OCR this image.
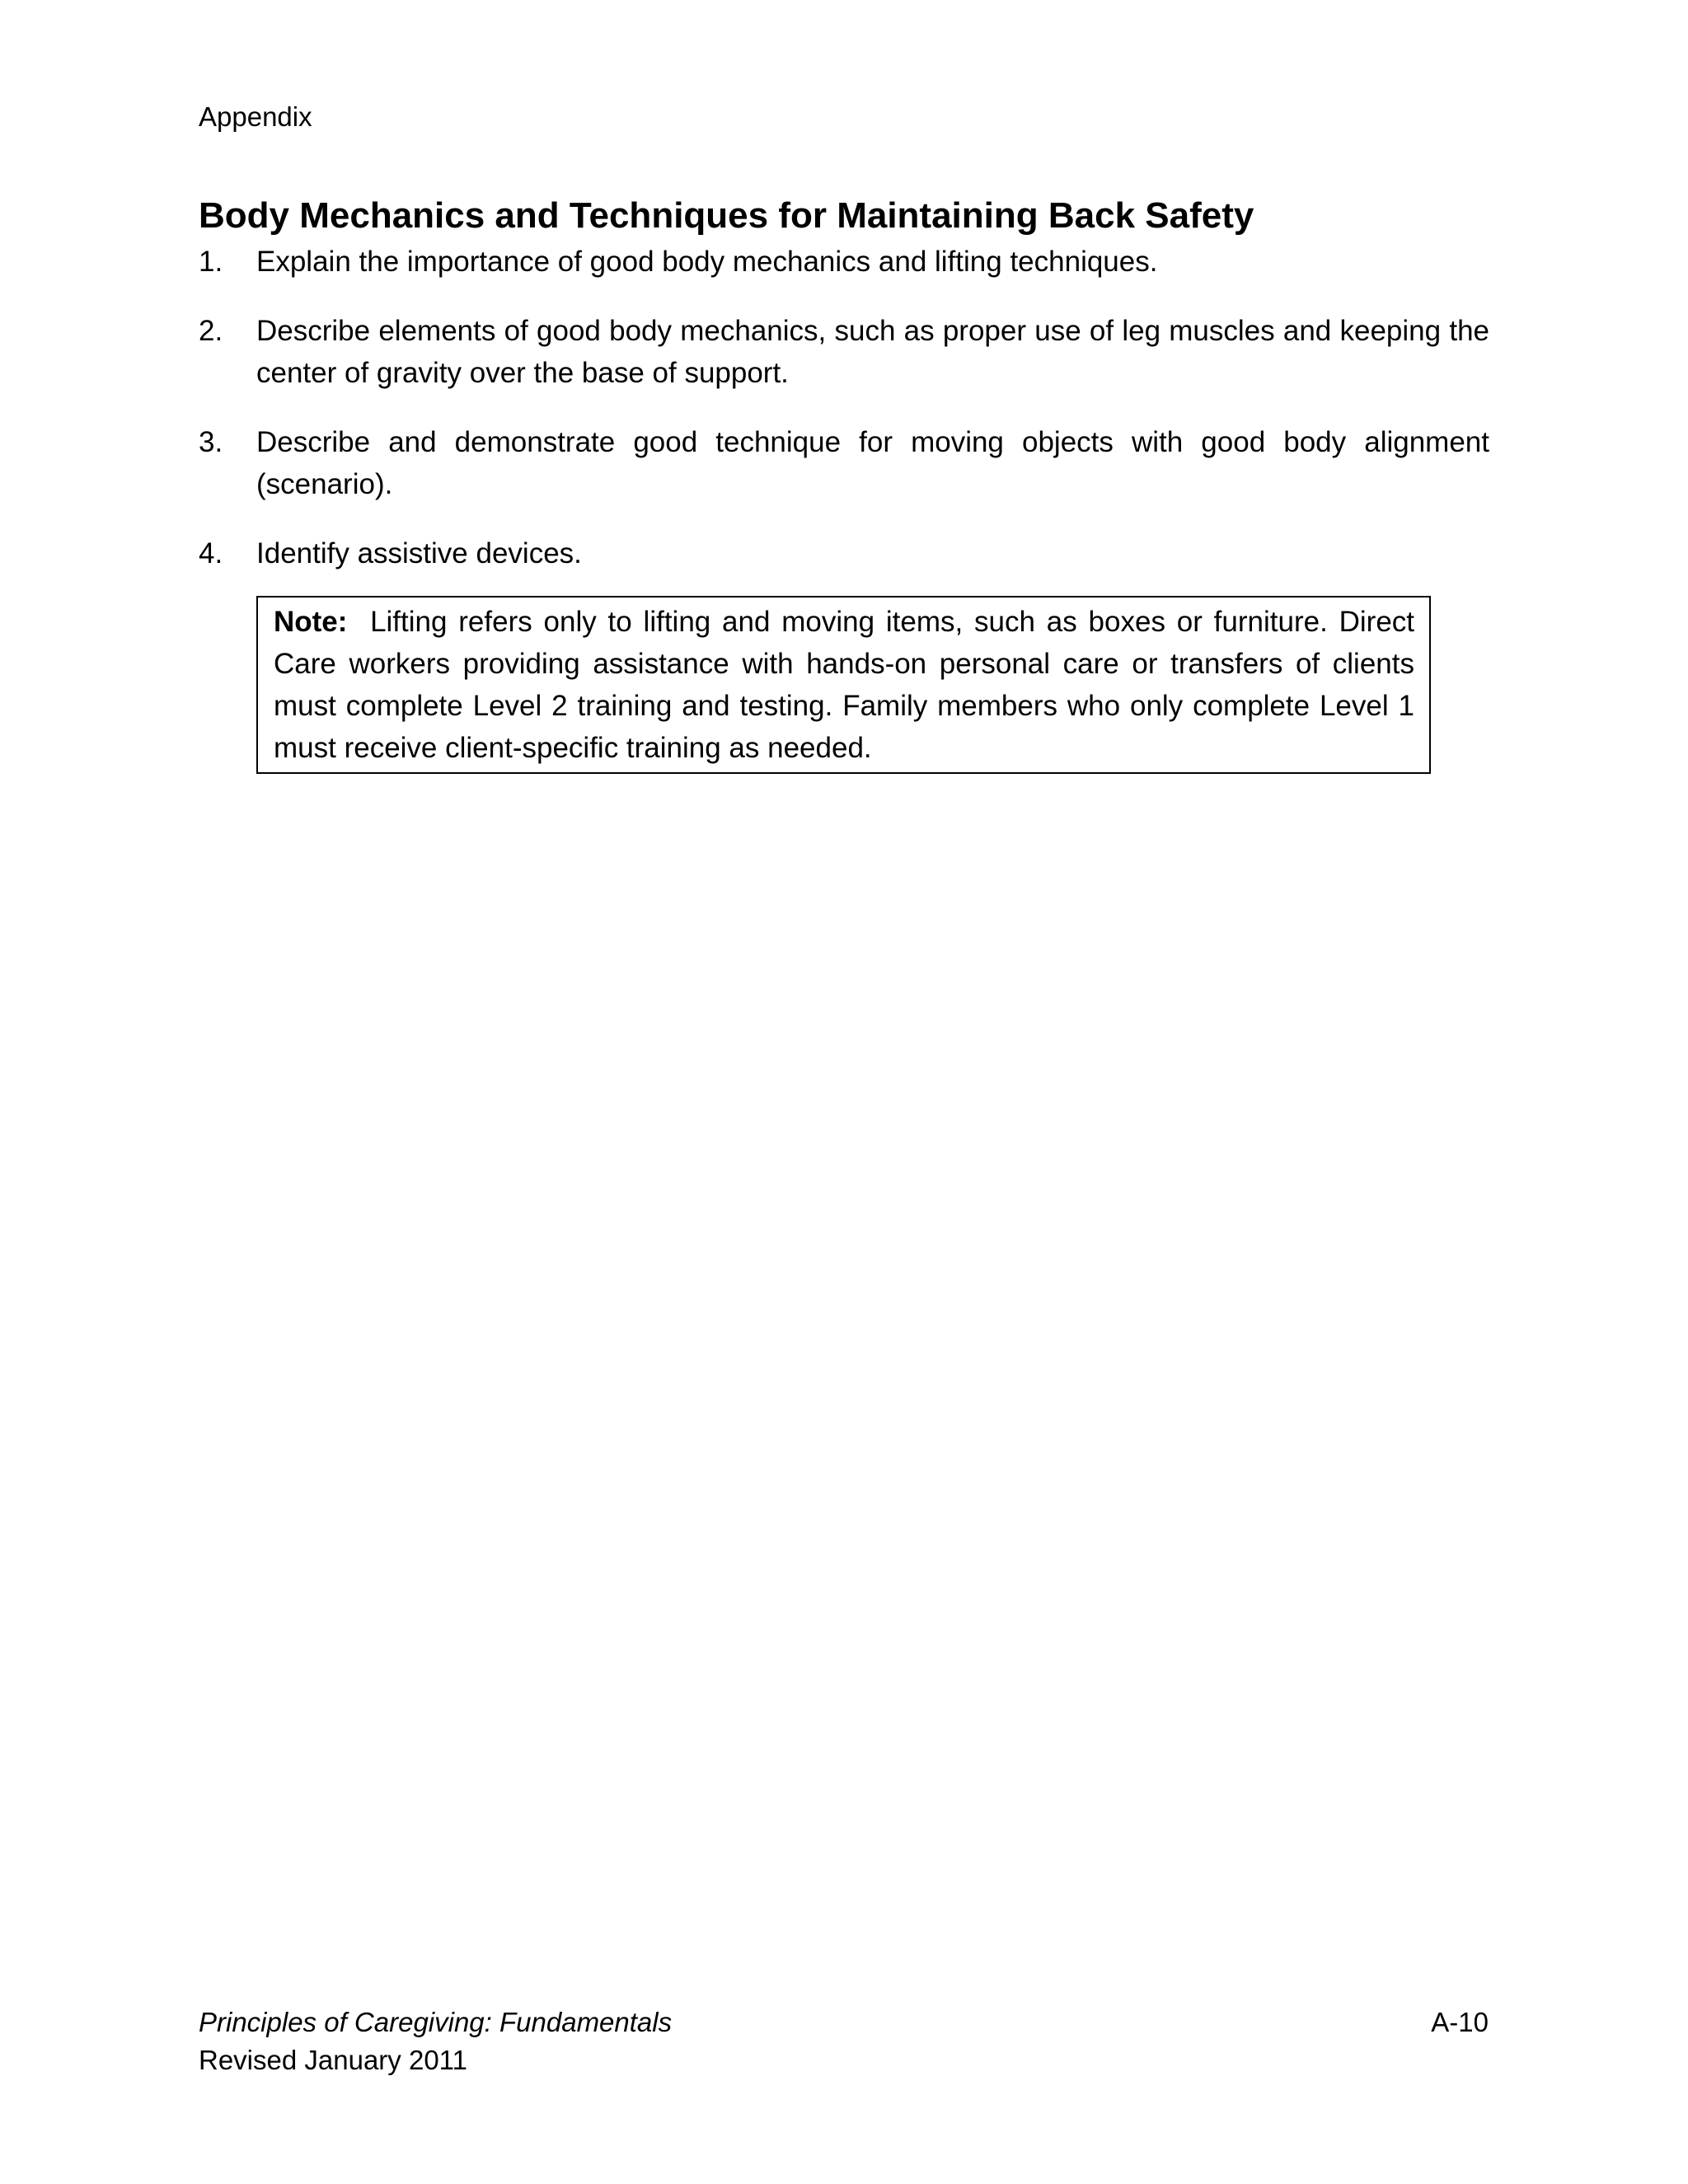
Appendix
Body Mechanics and Techniques for Maintaining Back Safety
1.	Explain the importance of good body mechanics and lifting techniques.
2.	Describe elements of good body mechanics, such as proper use of leg muscles and keeping the center of gravity over the base of support.
3.	Describe and demonstrate good technique for moving objects with good body alignment (scenario).
4.	Identify assistive devices.
Note: Lifting refers only to lifting and moving items, such as boxes or furniture. Direct Care workers providing assistance with hands-on personal care or transfers of clients must complete Level 2 training and testing. Family members who only complete Level 1 must receive client-specific training as needed.
Principles of Caregiving: Fundamentals
Revised January 2011
A-10
